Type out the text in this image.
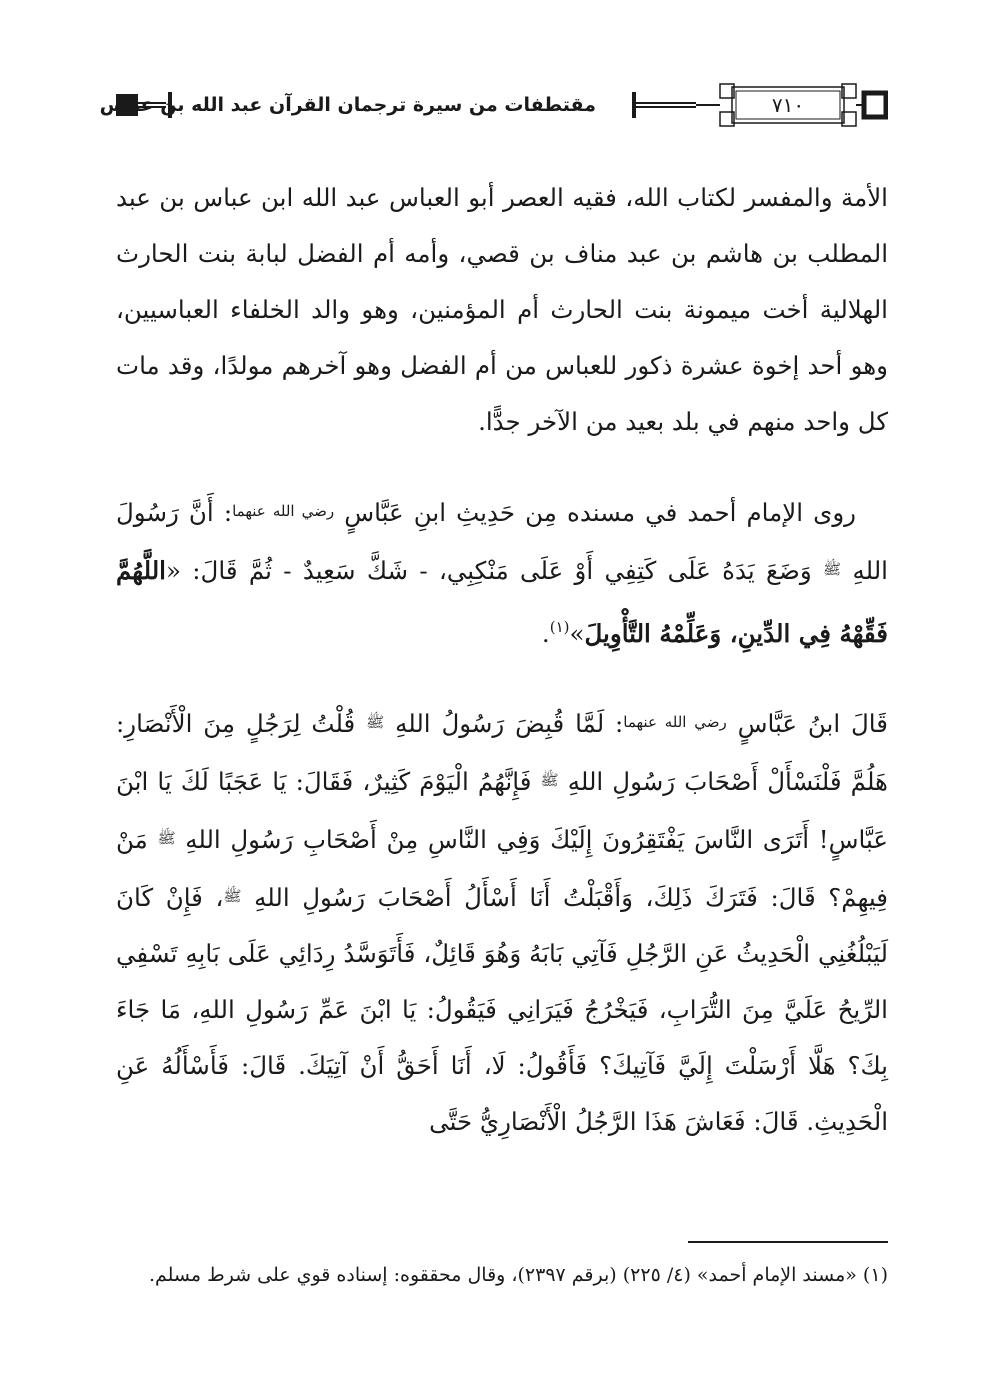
٧١٠
مقتطفات من سيرة ترجمان القرآن عبد الله بن عباس

الأمة والمفسر لكتاب الله، فقيه العصر أبو العباس عبد الله ابن عباس بن عبد المطلب بن هاشم بن عبد مناف بن قصي، وأمه أم الفضل لبابة بنت الحارث الهلالية أخت ميمونة بنت الحارث أم المؤمنين، وهو والد الخلفاء العباسيين، وهو أحد إخوة عشرة ذكور للعباس من أم الفضل وهو آخرهم مولدًا، وقد مات كل واحد منهم في بلد بعيد من الآخر جدًّا.

روى الإمام أحمد في مسنده مِن حَدِيثِ ابنِ عَبَّاسٍ $^{رضي الله عنهما}$: أَنَّ رَسُولَ اللهِ $^ﷺ$ وَضَعَ يَدَهُ عَلَى كَتِفِي أَوْ عَلَى مَنْكِبِي، - شَكَّ سَعِيدٌ - ثُمَّ قَالَ: «اللَّهُمَّ فَقِّهْهُ فِي الدِّينِ، وَعَلِّمْهُ التَّأْوِيلَ»$^{(١)}$.

قَالَ ابنُ عَبَّاسٍ $^{رضي الله عنهما}$: لَمَّا قُبِضَ رَسُولُ اللهِ $^ﷺ$ قُلْتُ لِرَجُلٍ مِنَ الْأَنْصَارِ: هَلُمَّ فَلْنَسْأَلْ أَصْحَابَ رَسُولِ اللهِ $^ﷺ$ فَإِنَّهُمُ الْيَوْمَ كَثِيرٌ، فَقَالَ: يَا عَجَبًا لَكَ يَا ابْنَ عَبَّاسٍ! أَتَرَى النَّاسَ يَفْتَقِرُونَ إِلَيْكَ وَفِي النَّاسِ مِنْ أَصْحَابِ رَسُولِ اللهِ $^ﷺ$ مَنْ فِيهِمْ؟ قَالَ: فَتَرَكَ ذَلِكَ، وَأَقْبَلْتُ أَنَا أَسْأَلُ أَصْحَابَ رَسُولِ اللهِ $^ﷺ$، فَإِنْ كَانَ لَيَبْلُغُنِي الْحَدِيثُ عَنِ الرَّجُلِ فَآتِي بَابَهُ وَهُوَ قَائِلٌ، فَأَتَوَسَّدُ رِدَائِي عَلَى بَابِهِ تَسْفِي الرِّيحُ عَلَيَّ مِنَ التُّرَابِ، فَيَخْرُجُ فَيَرَانِي فَيَقُولُ: يَا ابْنَ عَمِّ رَسُولِ اللهِ، مَا جَاءَ بِكَ؟ هَلَّا أَرْسَلْتَ إِلَيَّ فَآتِيكَ؟ فَأَقُولُ: لَا، أَنَا أَحَقُّ أَنْ آتِيَكَ. قَالَ: فَأَسْأَلُهُ عَنِ الْحَدِيثِ. قَالَ: فَعَاشَ هَذَا الرَّجُلُ الْأَنْصَارِيُّ حَتَّى

(١) «مسند الإمام أحمد» (٤/ ٢٢٥) (برقم ٢٣٩٧)، وقال محققوه: إسناده قوي على شرط مسلم.
